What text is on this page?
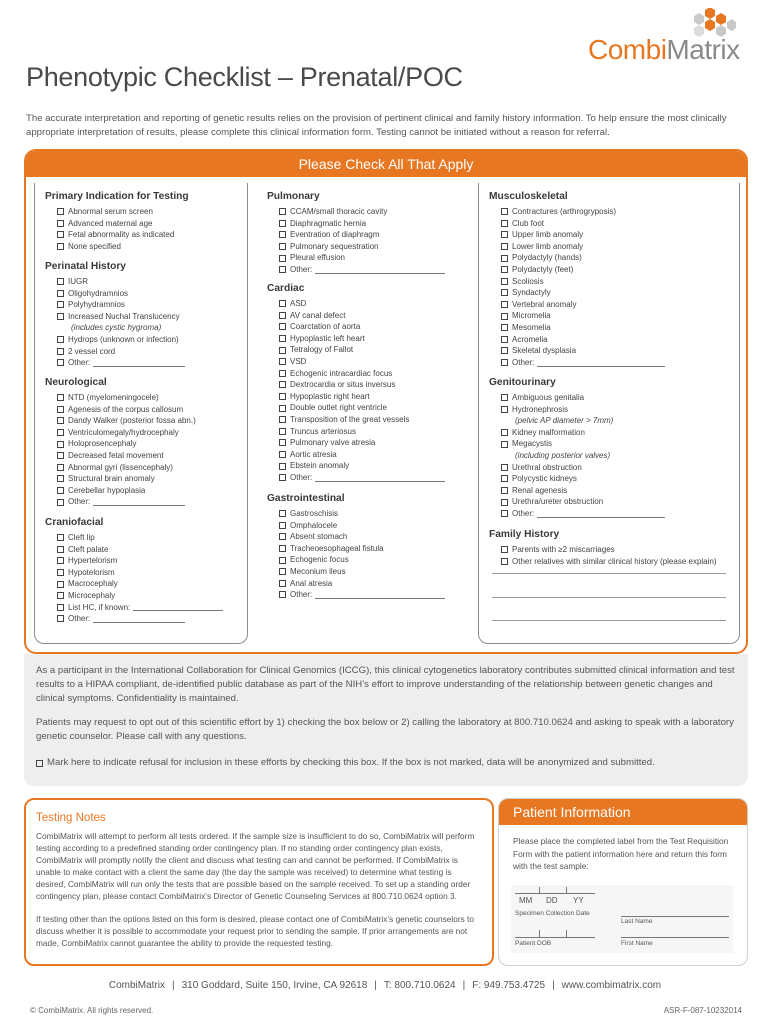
CombiMatrix
Phenotypic Checklist – Prenatal/POC

The accurate interpretation and reporting of genetic results relies on the provision of pertinent clinical and family history information. To help ensure the most clinically appropriate interpretation of results, please complete this clinical information form. Testing cannot be initiated without a reason for referral.

Please Check All That Apply
Primary Indication for Testing
Abnormal serum screen
Advanced maternal age
Fetal abnormality as indicated
None specified
Perinatal History
IUGR
Oligohydramnios
Polyhydramnios
Increased Nuchal Translucency
(includes cystic hygroma)
Hydrops (unknown or infection)
2 vessel cord
Other:
Neurological
NTD (myelomeningocele)
Agenesis of the corpus callosum
Dandy Walker (posterior fossa abn.)
Ventriculomegaly/hydrocephaly
Holoprosencephaly
Decreased fetal movement
Abnormal gyri (lissencephaly)
Structural brain anomaly
Cerebellar hypoplasia
Other:
Craniofacial
Cleft lip
Cleft palate
Hypertelorism
Hypotelorism
Macrocephaly
Microcephaly
List HC, if known:
Other:
Pulmonary
CCAM/small thoracic cavity
Diaphragmatic hernia
Eventration of diaphragm
Pulmonary sequestration
Pleural effusion
Other:
Cardiac
ASD
AV canal defect
Coarctation of aorta
Hypoplastic left heart
Tetralogy of Fallot
VSD
Echogenic intracardiac focus
Dextrocardia or situs inversus
Hypoplastic right heart
Double outlet right ventricle
Transposition of the great vessels
Truncus arteriosus
Pulmonary valve atresia
Aortic atresia
Ebstein anomaly
Other:
Gastrointestinal
Gastroschisis
Omphalocele
Absent stomach
Tracheoesophageal fistula
Echogenic focus
Meconium ileus
Anal atresia
Other:
Musculoskeletal
Contractures (arthrogryposis)
Club foot
Upper limb anomaly
Lower limb anomaly
Polydactyly (hands)
Polydactyly (feet)
Scoliosis
Syndactyly
Vertebral anomaly
Micromelia
Mesomelia
Acromelia
Skeletal dysplasia
Other:
Genitourinary
Ambiguous genitalia
Hydronephrosis
(pelvic AP diameter > 7mm)
Kidney malformation
Megacystis
(including posterior valves)
Urethral obstruction
Polycystic kidneys
Renal agenesis
Urethra/ureter obstruction
Other:
Family History
Parents with ≥2 miscarriages
Other relatives with similar clinical history (please explain)

As a participant in the International Collaboration for Clinical Genomics (ICCG), this clinical cytogenetics laboratory contributes submitted clinical information and test results to a HIPAA compliant, de-identified public database as part of the NIH’s effort to improve understanding of the relationship between genetic changes and clinical symptoms. Confidentiality is maintained.

Patients may request to opt out of this scientific effort by 1) checking the box below or 2) calling the laboratory at 800.710.0624 and asking to speak with a laboratory genetic counselor. Please call with any questions.

Mark here to indicate refusal for inclusion in these efforts by checking this box. If the box is not marked, data will be anonymized and submitted.

Testing Notes

CombiMatrix will attempt to perform all tests ordered. If the sample size is insufficient to do so, CombiMatrix will perform testing according to a predefined standing order contingency plan. If no standing order contingency plan exists, CombiMatrix will promptly notify the client and discuss what testing can and cannot be performed. If CombiMatrix is unable to make contact with a client the same day (the day the sample was received) to determine what testing is desired, CombiMatrix will run only the tests that are possible based on the sample received. To set up a standing order contingency plan, please contact CombiMatrix’s Director of Genetic Counseling Services at 800.710.0624 option 3.

If testing other than the options listed on this form is desired, please contact one of CombiMatrix’s genetic counselors to discuss whether it is possible to accommodate your request prior to sending the sample. If prior arrangements are not made, CombiMatrix cannot guarantee the ability to provide the requested testing.

Patient Information
Please place the completed label from the Test Requisition Form with the patient information here and return this form with the test sample:
MM DD YY
Specimen Collection Date
Last Name
Patient DOB	First Name
CombiMatrix | 310 Goddard, Suite 150, Irvine, CA 92618 | T: 800.710.0624 | F: 949.753.4725 | www.combimatrix.com
© CombiMatrix. All rights reserved.	ASR-F-087-10232014
